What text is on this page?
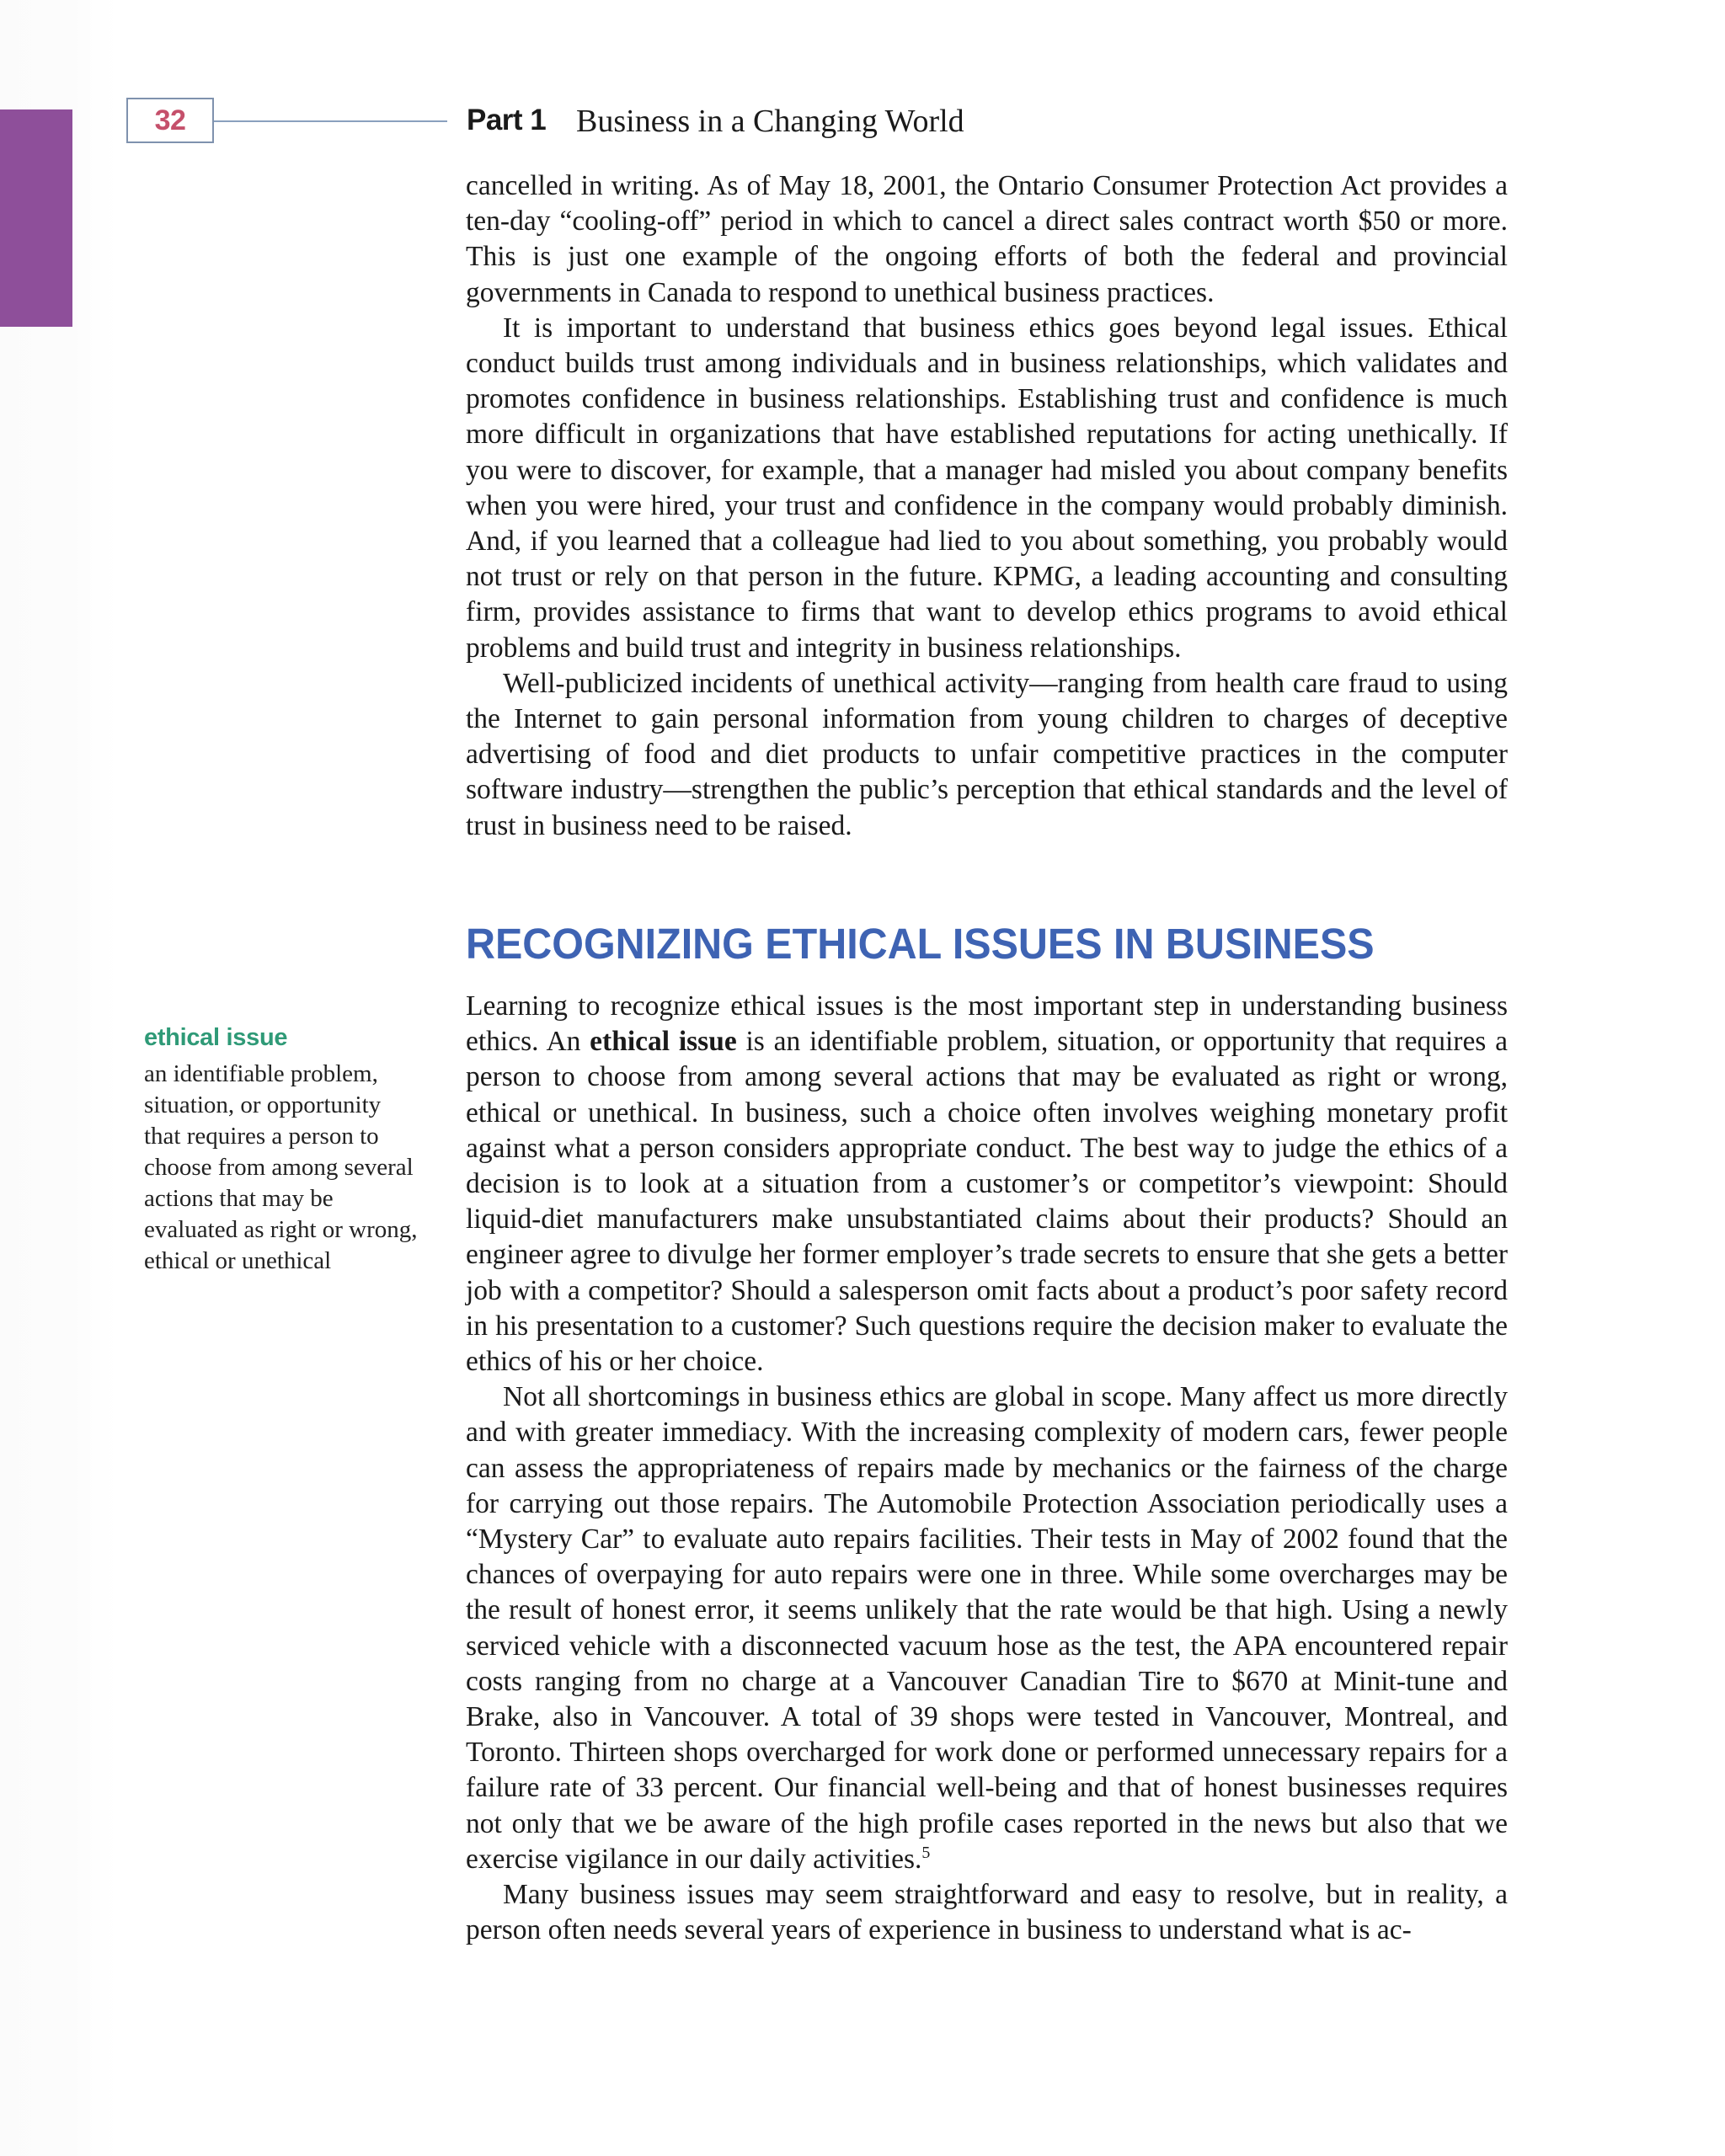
32	Part 1 Business in a Changing World

cancelled in writing. As of May 18, 2001, the Ontario Consumer Protection Act provides a ten-day “cooling-off” period in which to cancel a direct sales contract worth $50 or more. This is just one example of the ongoing efforts of both the federal and provincial governments in Canada to respond to unethical business practices.

It is important to understand that business ethics goes beyond legal issues. Ethical conduct builds trust among individuals and in business relationships, which validates and promotes confidence in business relationships. Establishing trust and confidence is much more difficult in organizations that have established reputations for acting unethically. If you were to discover, for example, that a manager had misled you about company benefits when you were hired, your trust and confidence in the company would probably diminish. And, if you learned that a colleague had lied to you about something, you probably would not trust or rely on that person in the future. KPMG, a leading accounting and consulting firm, provides assistance to firms that want to develop ethics programs to avoid ethical problems and build trust and integrity in business relationships.

Well-publicized incidents of unethical activity—ranging from health care fraud to using the Internet to gain personal information from young children to charges of deceptive advertising of food and diet products to unfair competitive practices in the computer software industry—strengthen the public’s perception that ethical standards and the level of trust in business need to be raised.

RECOGNIZING ETHICAL ISSUES IN BUSINESS

Learning to recognize ethical issues is the most important step in understanding business ethics. An ethical issue is an identifiable problem, situation, or opportunity that requires a person to choose from among several actions that may be evaluated as right or wrong, ethical or unethical. In business, such a choice often involves weighing monetary profit against what a person considers appropriate conduct. The best way to judge the ethics of a decision is to look at a situation from a customer’s or competitor’s viewpoint: Should liquid-diet manufacturers make unsubstantiated claims about their products? Should an engineer agree to divulge her former employer’s trade secrets to ensure that she gets a better job with a competitor? Should a salesperson omit facts about a product’s poor safety record in his presentation to a customer? Such questions require the decision maker to evaluate the ethics of his or her choice.

Not all shortcomings in business ethics are global in scope. Many affect us more directly and with greater immediacy. With the increasing complexity of modern cars, fewer people can assess the appropriateness of repairs made by mechanics or the fairness of the charge for carrying out those repairs. The Automobile Protection Association periodically uses a “Mystery Car” to evaluate auto repairs facilities. Their tests in May of 2002 found that the chances of overpaying for auto repairs were one in three. While some overcharges may be the result of honest error, it seems unlikely that the rate would be that high. Using a newly serviced vehicle with a disconnected vacuum hose as the test, the APA encountered repair costs ranging from no charge at a Vancouver Canadian Tire to $670 at Minit-tune and Brake, also in Vancouver. A total of 39 shops were tested in Vancouver, Montreal, and Toronto. Thirteen shops overcharged for work done or performed unnecessary repairs for a failure rate of 33 percent. Our financial well-being and that of honest businesses requires not only that we be aware of the high profile cases reported in the news but also that we exercise vigilance in our daily activities.$^5$

Many business issues may seem straightforward and easy to resolve, but in reality, a person often needs several years of experience in business to understand what is ac-

ethical issue

an identifiable problem, situation, or opportunity that requires a person to choose from among several actions that may be evaluated as right or wrong, ethical or unethical
